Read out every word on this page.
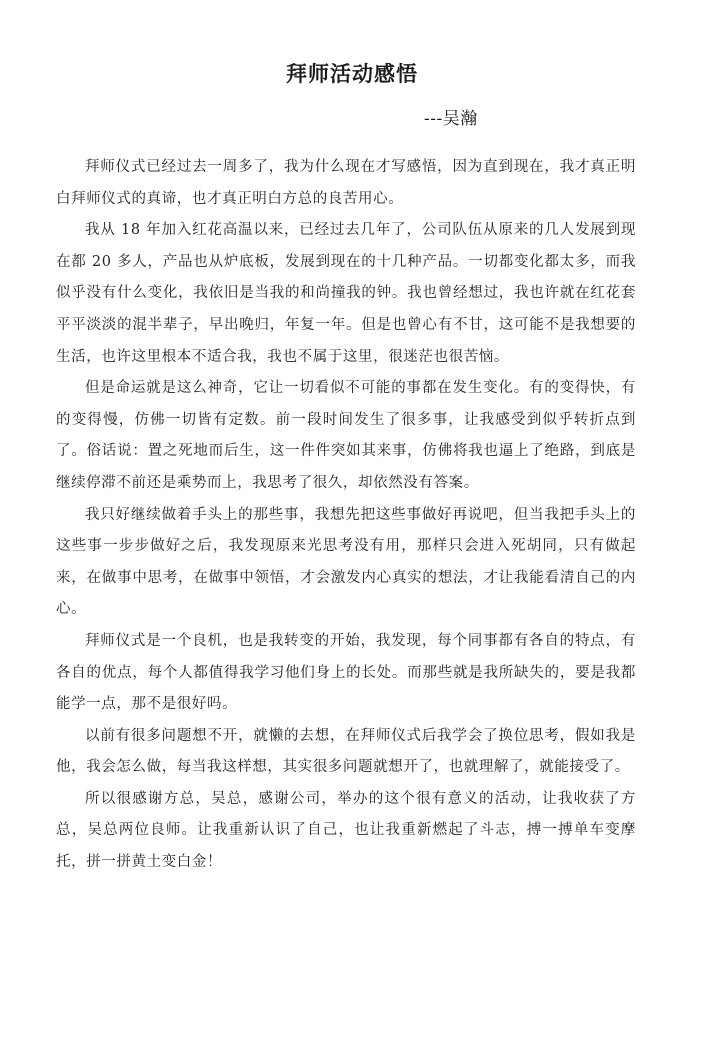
拜师活动感悟
---吴瀚

拜师仪式已经过去一周多了，我为什么现在才写感悟，因为直到现在，我才真正明白拜师仪式的真谛，也才真正明白方总的良苦用心。

我从 18 年加入红花高温以来，已经过去几年了，公司队伍从原来的几人发展到现在都 20 多人，产品也从炉底板，发展到现在的十几种产品。一切都变化都太多，而我似乎没有什么变化，我依旧是当我的和尚撞我的钟。我也曾经想过，我也许就在红花套平平淡淡的混半辈子，早出晚归，年复一年。但是也曾心有不甘，这可能不是我想要的生活，也许这里根本不适合我，我也不属于这里，很迷茫也很苦恼。

但是命运就是这么神奇，它让一切看似不可能的事都在发生变化。有的变得快，有的变得慢，仿佛一切皆有定数。前一段时间发生了很多事，让我感受到似乎转折点到了。俗话说：置之死地而后生，这一件件突如其来事，仿佛将我也逼上了绝路，到底是继续停滞不前还是乘势而上，我思考了很久，却依然没有答案。

我只好继续做着手头上的那些事，我想先把这些事做好再说吧，但当我把手头上的这些事一步步做好之后，我发现原来光思考没有用，那样只会进入死胡同，只有做起来，在做事中思考，在做事中领悟，才会激发内心真实的想法，才让我能看清自己的内心。

拜师仪式是一个良机，也是我转变的开始，我发现，每个同事都有各自的特点，有各自的优点，每个人都值得我学习他们身上的长处。而那些就是我所缺失的，要是我都能学一点，那不是很好吗。

以前有很多问题想不开，就懒的去想，在拜师仪式后我学会了换位思考，假如我是他，我会怎么做，每当我这样想，其实很多问题就想开了，也就理解了，就能接受了。

所以很感谢方总，吴总，感谢公司，举办的这个很有意义的活动，让我收获了方总，吴总两位良师。让我重新认识了自己，也让我重新燃起了斗志，搏一搏单车变摩托，拼一拼黄土变白金！
